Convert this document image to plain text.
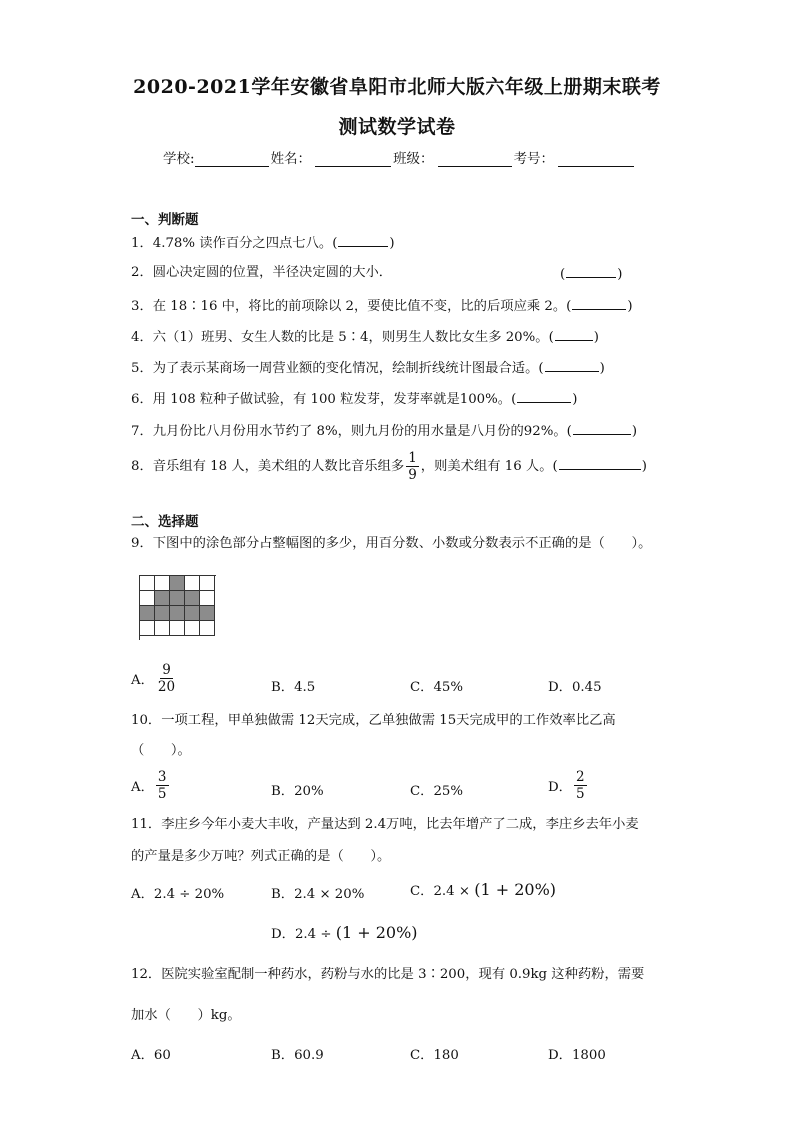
2020-2021学年安徽省阜阳市北师大版六年级上册期末联考
测试数学试卷
学校:	姓名：	班级：	考号：
一、判断题
1．4.78% 读作百分之四点七八。(	)
2．圆心决定圆的位置，半径决定圆的大小．	(	)
3．在 18∶16 中，将比的前项除以 2，要使比值不变，比的后项应乘 2。(	)
4．六（1）班男、女生人数的比是 5∶4，则男生人数比女生多 20%。(	)
5．为了表示某商场一周营业额的变化情况，绘制折线统计图最合适。(	)
6．用 108 粒种子做试验，有 100 粒发芽，发芽率就是100%。(	)
7．九月份比八月份用水节约了 8%，则九月份的用水量是八月份的92%。(	)
8．音乐组有 18 人，美术组的人数比音乐组多 $\frac{1}{9}$ ，则美术组有 16 人。(	)
二、选择题
9．下图中的涂色部分占整幅图的多少，用百分数、小数或分数表示不正确的是（　　）。
A． $\frac{9}{20}$	B．4.5	C．45%	D．0.45
10．一项工程，甲单独做需 12天完成，乙单独做需 15天完成甲的工作效率比乙高
（　　）。
A． $\frac{3}{5}$	B．20%	C．25%	D． $\frac{2}{5}$
11．李庄乡今年小麦大丰收，产量达到 2.4万吨，比去年增产了二成，李庄乡去年小麦
的产量是多少万吨？列式正确的是（　　）。
A．2.4 ÷ 20%	B．2.4 × 20%	C．2.4 × (1 + 20%)
D．2.4 ÷ (1 + 20%)
12．医院实验室配制一种药水，药粉与水的比是 3∶200，现有 0.9kg 这种药粉，需要
加水（　　）kg。
A．60	B．60.9	C．180	D．1800
